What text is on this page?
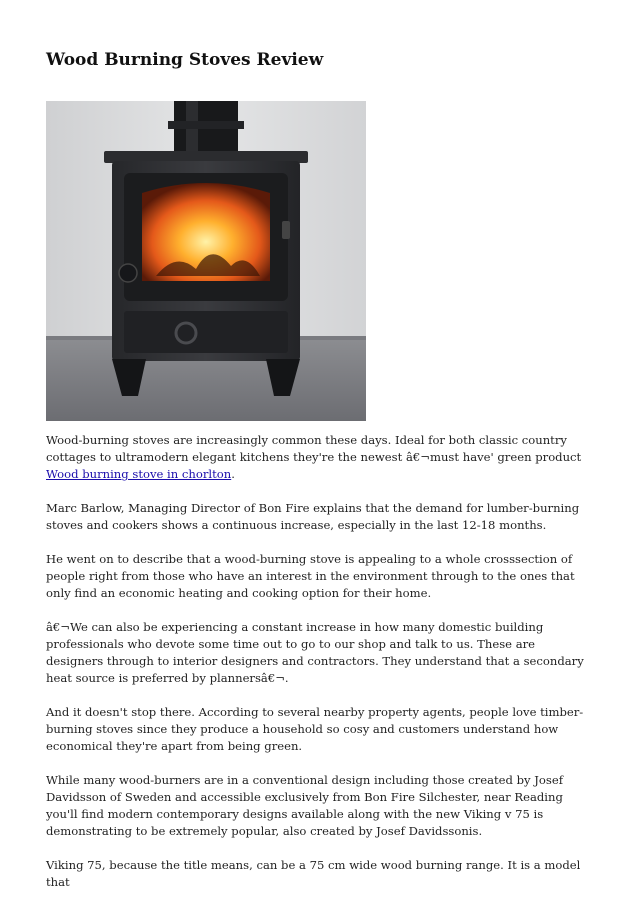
Wood Burning Stoves Review

Wood-burning stoves are increasingly common these days. Ideal for both classic country cottages to ultramodern elegant kitchens they're the newest â€¬must have' green product Wood burning stove in chorlton.

Marc Barlow, Managing Director of Bon Fire explains that the demand for lumber-burning stoves and cookers shows a continuous increase, especially in the last 12-18 months.

He went on to describe that a wood-burning stove is appealing to a whole crosssection of people right from those who have an interest in the environment through to the ones that only find an economic heating and cooking option for their home.

â€¬We can also be experiencing a constant increase in how many domestic building professionals who devote some time out to go to our shop and talk to us. These are designers through to interior designers and contractors. They understand that a secondary heat source is preferred by plannersâ€¬.

And it doesn't stop there. According to several nearby property agents, people love timber-burning stoves since they produce a household so cosy and customers understand how economical they're apart from being green.

While many wood-burners are in a conventional design including those created by Josef Davidsson of Sweden and accessible exclusively from Bon Fire Silchester, near Reading you'll find modern contemporary designs available along with the new Viking v 75 is demonstrating to be extremely popular, also created by Josef Davidssonis.

Viking 75, because the title means, can be a 75 cm wide wood burning range. It is a model that
